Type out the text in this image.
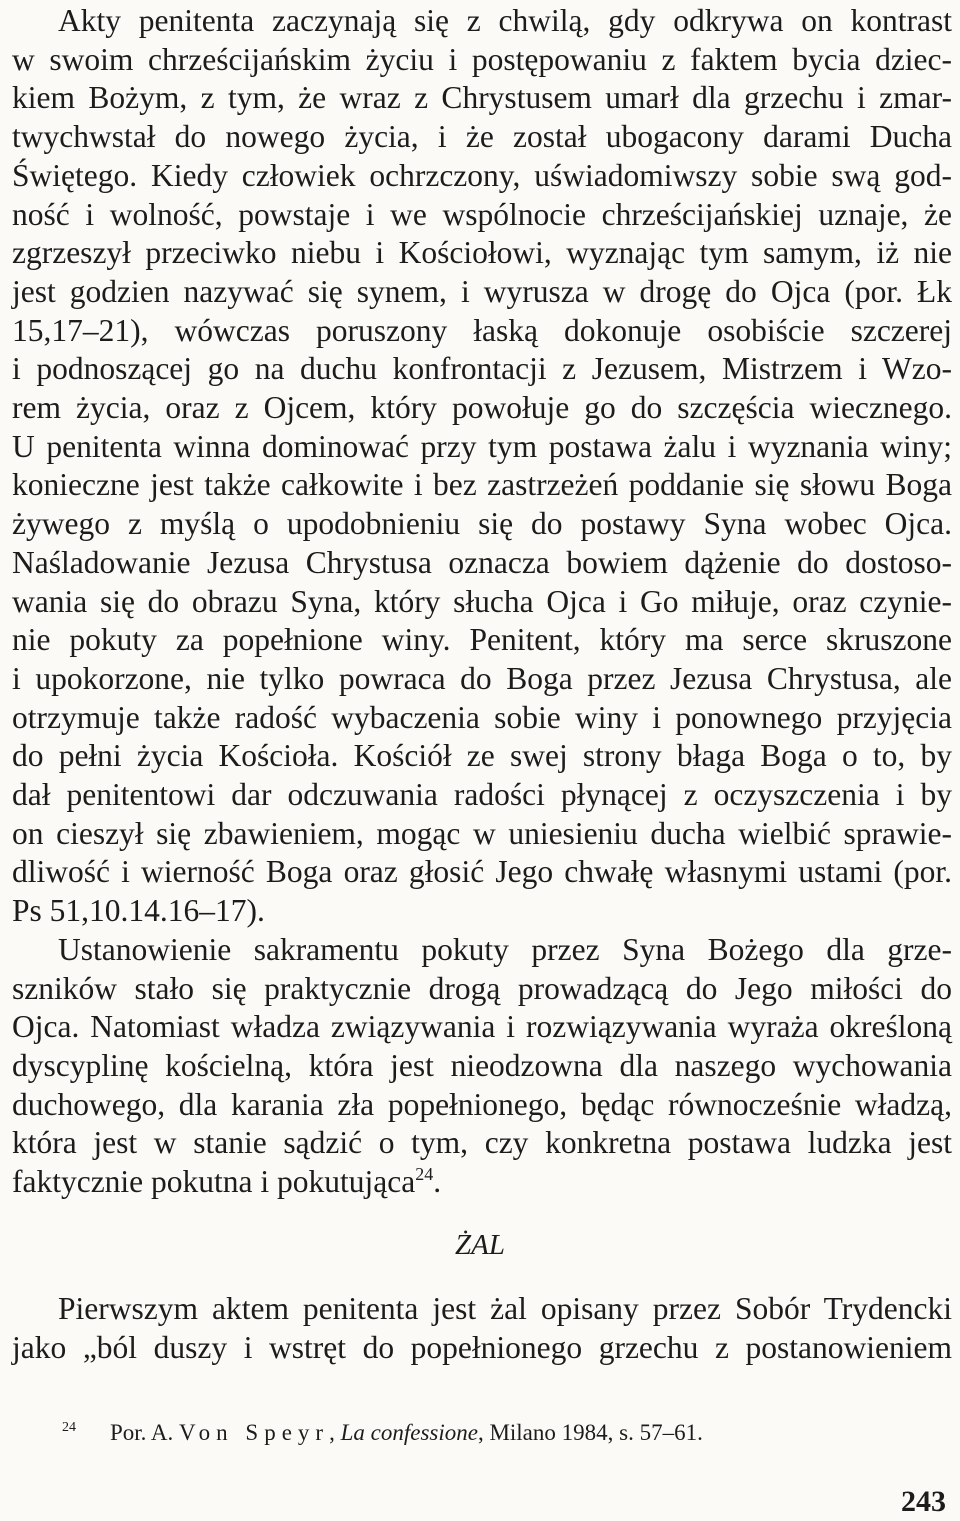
Akty penitenta zaczynają się z chwilą, gdy odkrywa on kontrast
w swoim chrześcijańskim życiu i postępowaniu z faktem bycia dziec-
kiem Bożym, z tym, że wraz z Chrystusem umarł dla grzechu i zmar-
twychwstał do nowego życia, i że został ubogacony darami Ducha
Świętego. Kiedy człowiek ochrzczony, uświadomiwszy sobie swą god-
ność i wolność, powstaje i we wspólnocie chrześcijańskiej uznaje, że
zgrzeszył przeciwko niebu i Kościołowi, wyznając tym samym, iż nie
jest godzien nazywać się synem, i wyrusza w drogę do Ojca (por. Łk
15,17–21), wówczas poruszony łaską dokonuje osobiście szczerej
i podnoszącej go na duchu konfrontacji z Jezusem, Mistrzem i Wzo-
rem życia, oraz z Ojcem, który powołuje go do szczęścia wiecznego.
U penitenta winna dominować przy tym postawa żalu i wyznania winy;
konieczne jest także całkowite i bez zastrzeżeń poddanie się słowu Boga
żywego z myślą o upodobnieniu się do postawy Syna wobec Ojca.
Naśladowanie Jezusa Chrystusa oznacza bowiem dążenie do dostoso-
wania się do obrazu Syna, który słucha Ojca i Go miłuje, oraz czynie-
nie pokuty za popełnione winy. Penitent, który ma serce skruszone
i upokorzone, nie tylko powraca do Boga przez Jezusa Chrystusa, ale
otrzymuje także radość wybaczenia sobie winy i ponownego przyjęcia
do pełni życia Kościoła. Kościół ze swej strony błaga Boga o to, by
dał penitentowi dar odczuwania radości płynącej z oczyszczenia i by
on cieszył się zbawieniem, mogąc w uniesieniu ducha wielbić sprawie-
dliwość i wierność Boga oraz głosić Jego chwałę własnymi ustami (por.
Ps 51,10.14.16–17).
Ustanowienie sakramentu pokuty przez Syna Bożego dla grze-
szników stało się praktycznie drogą prowadzącą do Jego miłości do
Ojca. Natomiast władza związywania i rozwiązywania wyraża określoną
dyscyplinę kościelną, która jest nieodzowna dla naszego wychowania
duchowego, dla karania zła popełnionego, będąc równocześnie władzą,
która jest w stanie sądzić o tym, czy konkretna postawa ludzka jest
faktycznie pokutna i pokutująca$^{24}$.
ŻAL
Pierwszym aktem penitenta jest żal opisany przez Sobór Trydencki
jako „ból duszy i wstręt do popełnionego grzechu z postanowieniem
$^{24}$ Por. A. Von Speyr, La confessione, Milano 1984, s. 57–61.
243
